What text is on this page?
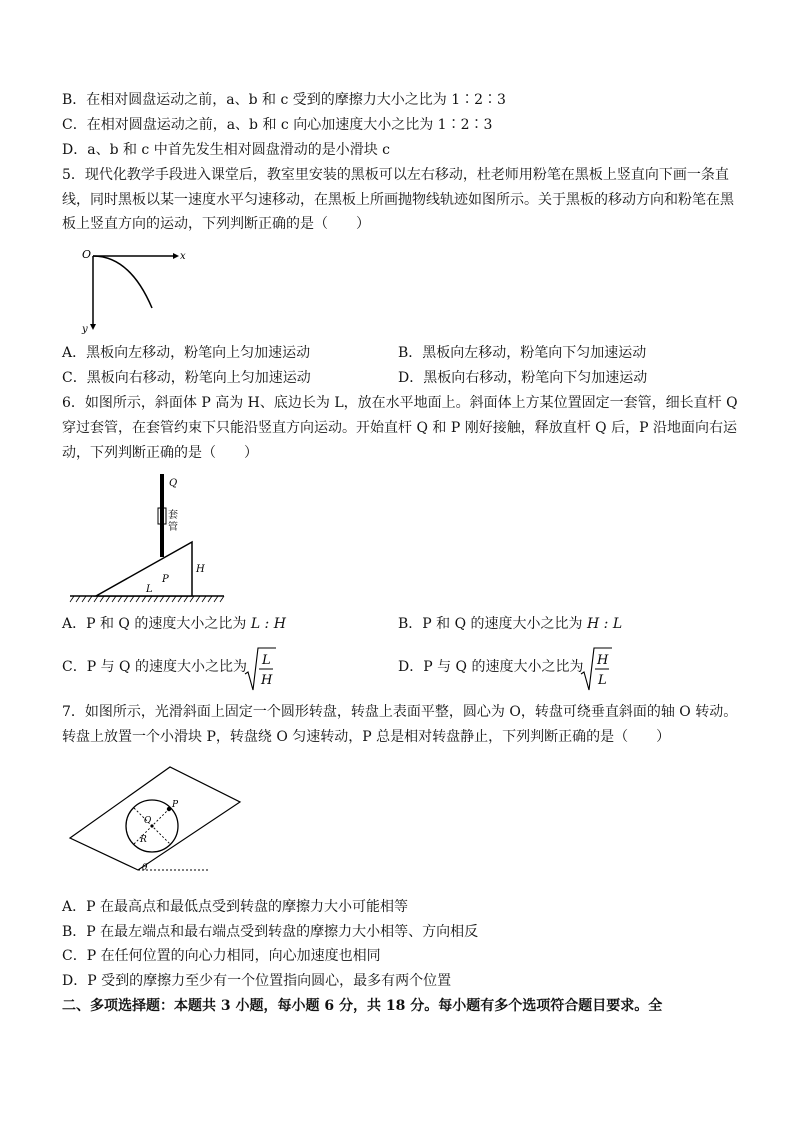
B．在相对圆盘运动之前，a、b 和 c 受到的摩擦力大小之比为 1∶2∶3
C．在相对圆盘运动之前，a、b 和 c 向心加速度大小之比为 1∶2∶3
D．a、b 和 c 中首先发生相对圆盘滑动的是小滑块 c
5．现代化教学手段进入课堂后，教室里安装的黑板可以左右移动，杜老师用粉笔在黑板上竖直向下画一条直
线，同时黑板以某一速度水平匀速移动，在黑板上所画抛物线轨迹如图所示。关于黑板的移动方向和粉笔在黑
板上竖直方向的运动，下列判断正确的是（　　）
O	x
y
A．黑板向左移动，粉笔向上匀加速运动	B．黑板向左移动，粉笔向下匀加速运动
C．黑板向右移动，粉笔向上匀加速运动	D．黑板向右移动，粉笔向下匀加速运动
6．如图所示，斜面体 P 高为 H、底边长为 L，放在水平地面上。斜面体上方某位置固定一套管，细长直杆 Q
穿过套管，在套管约束下只能沿竖直方向运动。开始直杆 Q 和 P 刚好接触，释放直杆 Q 后，P 沿地面向右运
动，下列判断正确的是（　　）
Q
套
管
H
P
L
A．P 和 Q 的速度大小之比为 L : H	B．P 和 Q 的速度大小之比为 H : L
C．P 与 Q 的速度大小之比为 L
H
D．P 与 Q 的速度大小之比为 H
L
7．如图所示，光滑斜面上固定一个圆形转盘，转盘上表面平整，圆心为 O，转盘可绕垂直斜面的轴 O 转动。
转盘上放置一个小滑块 P，转盘绕 O 匀速转动，P 总是相对转盘静止，下列判断正确的是（　　）
O
P
R
θ
A．P 在最高点和最低点受到转盘的摩擦力大小可能相等
B．P 在最左端点和最右端点受到转盘的摩擦力大小相等、方向相反
C．P 在任何位置的向心力相同，向心加速度也相同
D．P 受到的摩擦力至少有一个位置指向圆心，最多有两个位置
二、多项选择题：本题共 3 小题，每小题 6 分，共 18 分。每小题有多个选项符合题目要求。全
